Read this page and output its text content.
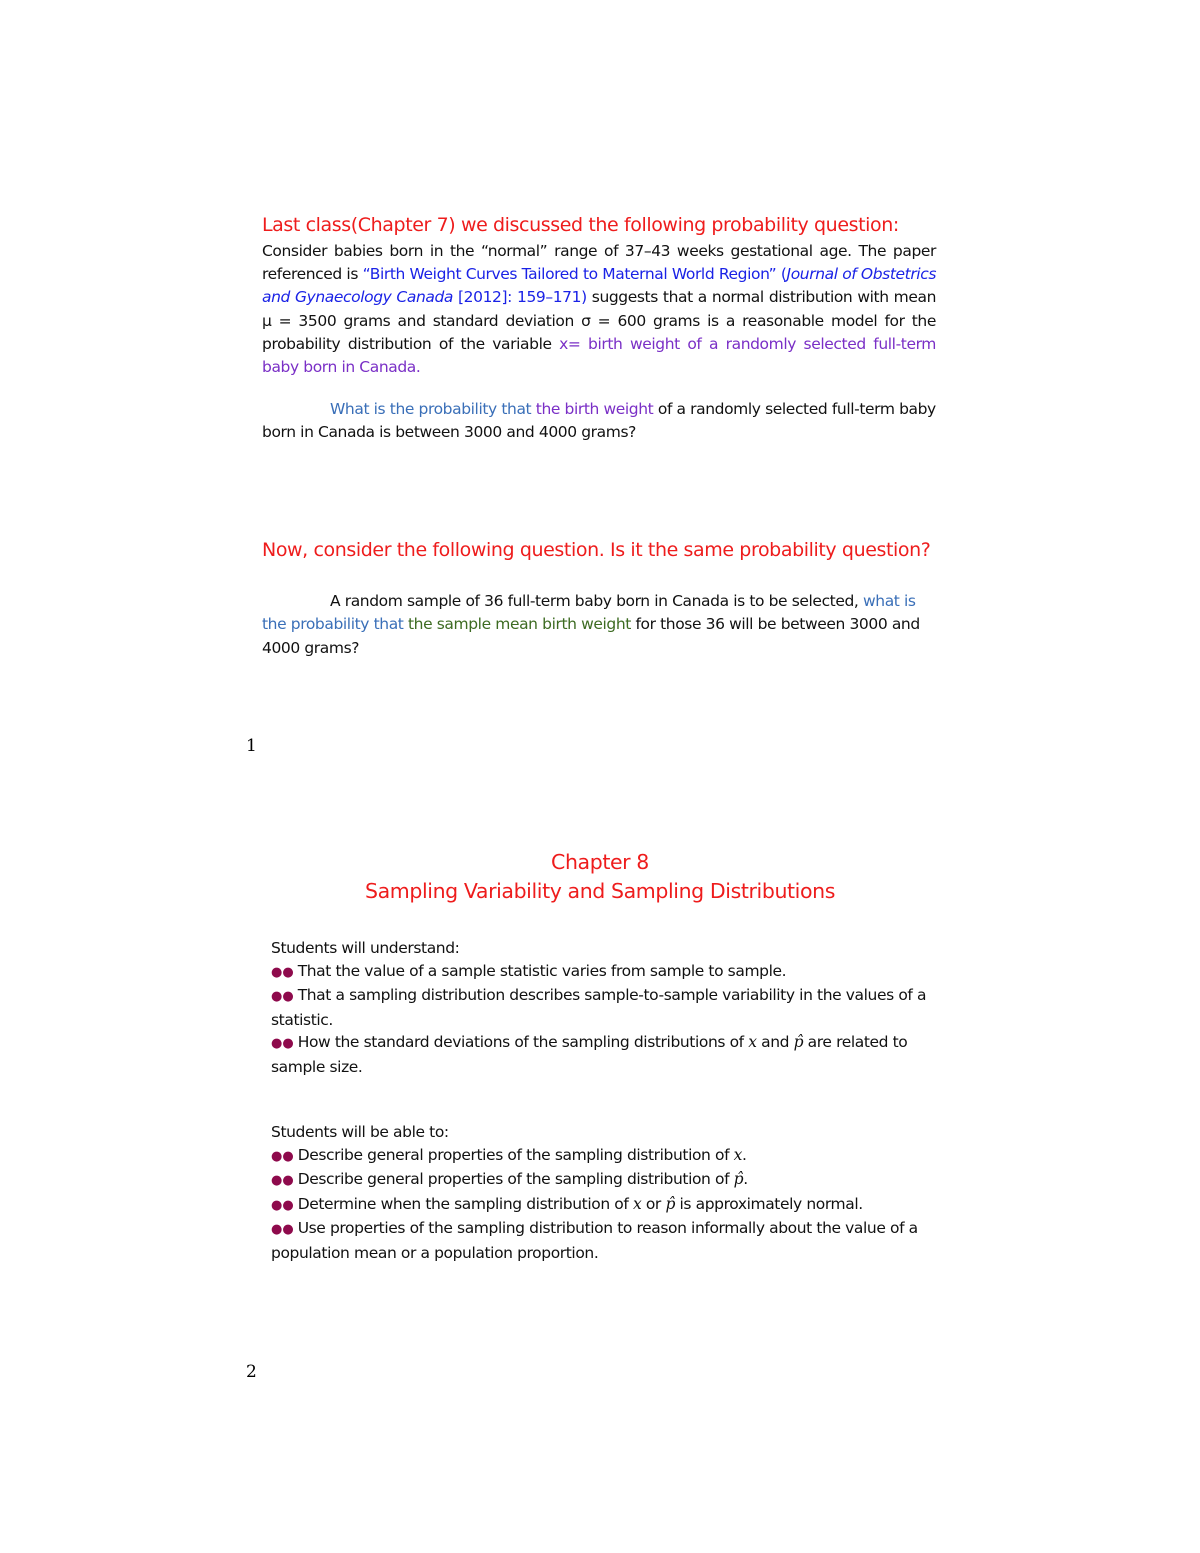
Last class(Chapter 7) we discussed the following probability question:
Consider babies born in the “normal” range of 37–43 weeks gestational age. The paper referenced is “Birth Weight Curves Tailored to Maternal World Region” (Journal of Obstetrics and Gynaecology Canada [2012]: 159–171) suggests that a normal distribution with mean μ = 3500 grams and standard deviation σ = 600 grams is a reasonable model for the probability distribution of the variable x= birth weight of a randomly selected full-term baby born in Canada.
What is the probability that the birth weight of a randomly selected full-term baby born in Canada is between 3000 and 4000 grams?
Now, consider the following question. Is it the same probability question?
A random sample of 36 full-term baby born in Canada is to be selected, what is the probability that the sample mean birth weight for those 36 will be between 3000 and 4000 grams?
1
Chapter 8
Sampling Variability and Sampling Distributions
Students will understand:
●● That the value of a sample statistic varies from sample to sample.
●● That a sampling distribution describes sample-to-sample variability in the values of a statistic.
●● How the standard deviations of the sampling distributions of x and p̂ are related to sample size.
Students will be able to:
●● Describe general properties of the sampling distribution of x.
●● Describe general properties of the sampling distribution of p̂.
●● Determine when the sampling distribution of x or p̂ is approximately normal.
●● Use properties of the sampling distribution to reason informally about the value of a population mean or a population proportion.
2
